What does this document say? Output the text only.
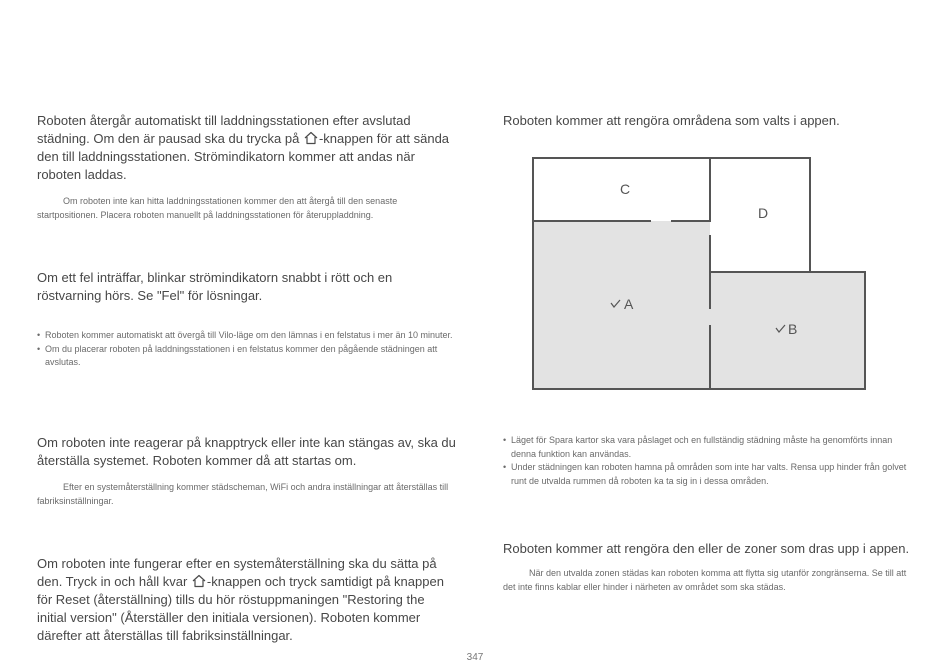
Roboten återgår automatiskt till laddningsstationen efter avslutad städning. Om den är pausad ska du trycka på -knappen för att sända den till laddningsstationen. Strömindikatorn kommer att andas när roboten laddas.

Om roboten inte kan hitta laddningsstationen kommer den att återgå till den senaste startpositionen. Placera roboten manuellt på laddningsstationen för återuppladdning.

Om ett fel inträffar, blinkar strömindikatorn snabbt i rött och en röstvarning hörs. Se "Fel" för lösningar.

• Roboten kommer automatiskt att övergå till Vilo-läge om den lämnas i en felstatus i mer än 10 minuter.
• Om du placerar roboten på laddningsstationen i en felstatus kommer den pågående städningen att avslutas.

Om roboten inte reagerar på knapptryck eller inte kan stängas av, ska du återställa systemet. Roboten kommer då att startas om.

Efter en systemåterställning kommer städscheman, WiFi och andra inställningar att återställas till fabriksinställningar.

Om roboten inte fungerar efter en systemåterställning ska du sätta på den. Tryck in och håll kvar -knappen och tryck samtidigt på knappen för Reset (återställning) tills du hör röstuppmaningen "Restoring the initial version" (Återställer den initiala versionen). Roboten kommer därefter att återställas till fabriksinställningar.

Roboten kommer att rengöra områdena som valts i appen.

C
D
A
B
• Läget för Spara kartor ska vara påslaget och en fullständig städning måste ha genomförts innan denna funktion kan användas.
• Under städningen kan roboten hamna på områden som inte har valts. Rensa upp hinder från golvet runt de utvalda rummen då roboten ka ta sig in i dessa områden.

Roboten kommer att rengöra den eller de zoner som dras upp i appen.

När den utvalda zonen städas kan roboten komma att flytta sig utanför zongränserna. Se till att det inte finns kablar eller hinder i närheten av området som ska städas.

347
